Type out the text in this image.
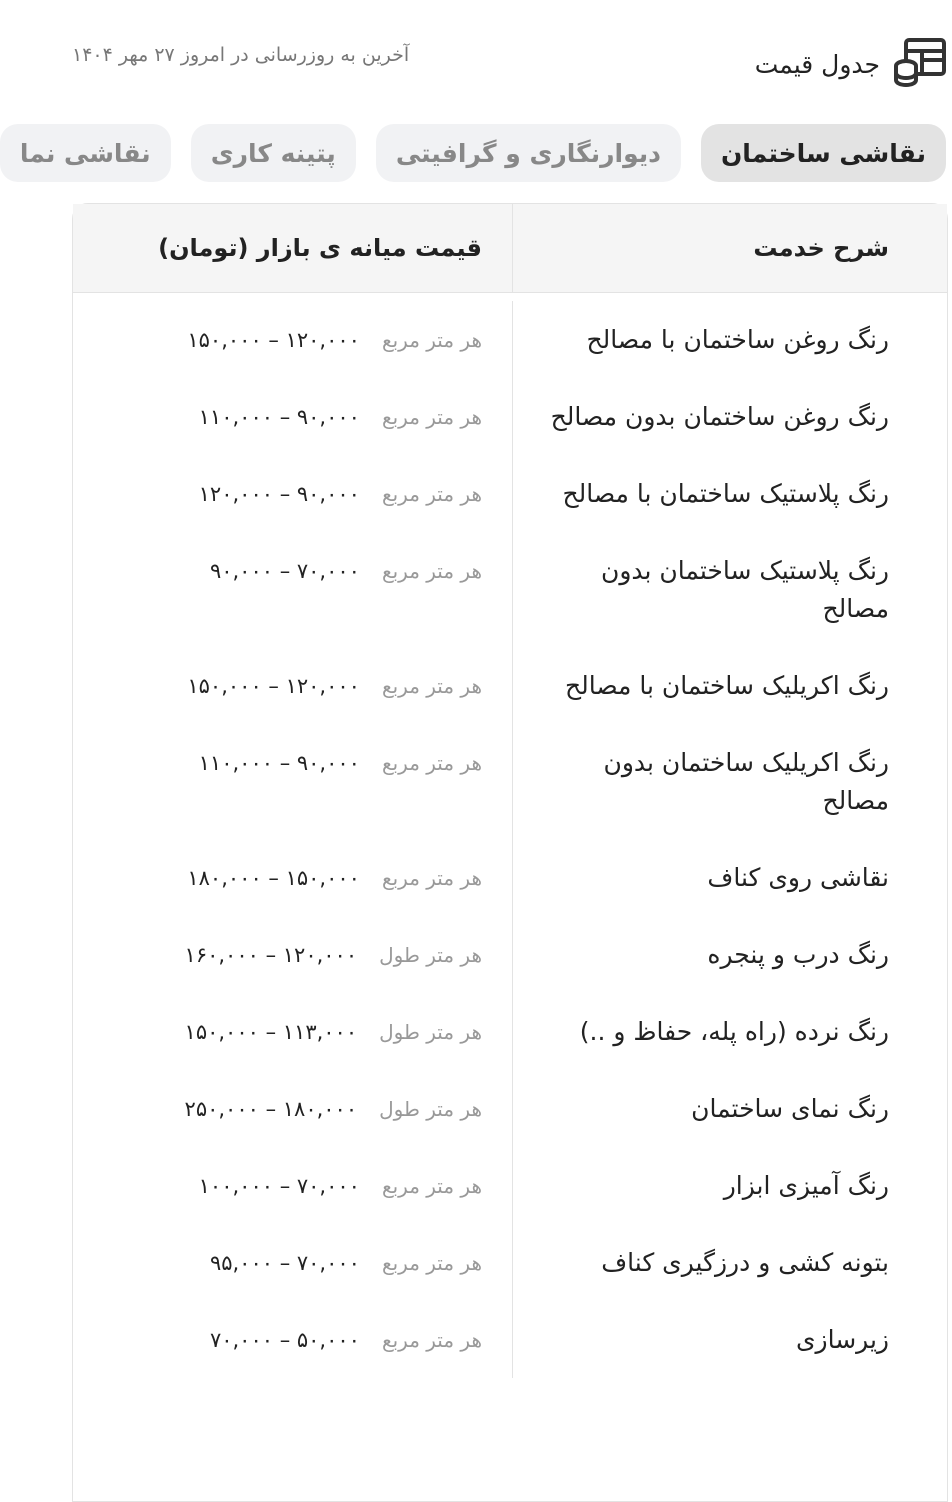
جدول قیمت
آخرین به روزرسانی در امروز ۲۷ مهر ۱۴۰۴
نقاشی ساختمان
دیوارنگاری و گرافیتی
پتینه کاری
نقاشی نما
شرح خدمت
قیمت میانه ی بازار (تومان)
رنگ روغن ساختمان با مصالح
هر متر مربع
۱۲۰,۰۰۰ – ۱۵۰,۰۰۰
رنگ روغن ساختمان بدون مصالح
هر متر مربع
۹۰,۰۰۰ – ۱۱۰,۰۰۰
رنگ پلاستیک ساختمان با مصالح
هر متر مربع
۹۰,۰۰۰ – ۱۲۰,۰۰۰
رنگ پلاستیک ساختمان بدون مصالح
هر متر مربع
۷۰,۰۰۰ – ۹۰,۰۰۰
رنگ اکریلیک ساختمان با مصالح
هر متر مربع
۱۲۰,۰۰۰ – ۱۵۰,۰۰۰
رنگ اکریلیک ساختمان بدون مصالح
هر متر مربع
۹۰,۰۰۰ – ۱۱۰,۰۰۰
نقاشی روی کناف
هر متر مربع
۱۵۰,۰۰۰ – ۱۸۰,۰۰۰
رنگ درب و پنجره
هر متر طول
۱۲۰,۰۰۰ – ۱۶۰,۰۰۰
رنگ نرده (راه پله، حفاظ و ..)
هر متر طول
۱۱۳,۰۰۰ – ۱۵۰,۰۰۰
رنگ نمای ساختمان
هر متر طول
۱۸۰,۰۰۰ – ۲۵۰,۰۰۰
رنگ آمیزی ابزار
هر متر مربع
۷۰,۰۰۰ – ۱۰۰,۰۰۰
بتونه کشی و درزگیری کناف
هر متر مربع
۷۰,۰۰۰ – ۹۵,۰۰۰
زیرسازی
هر متر مربع
۵۰,۰۰۰ – ۷۰,۰۰۰
